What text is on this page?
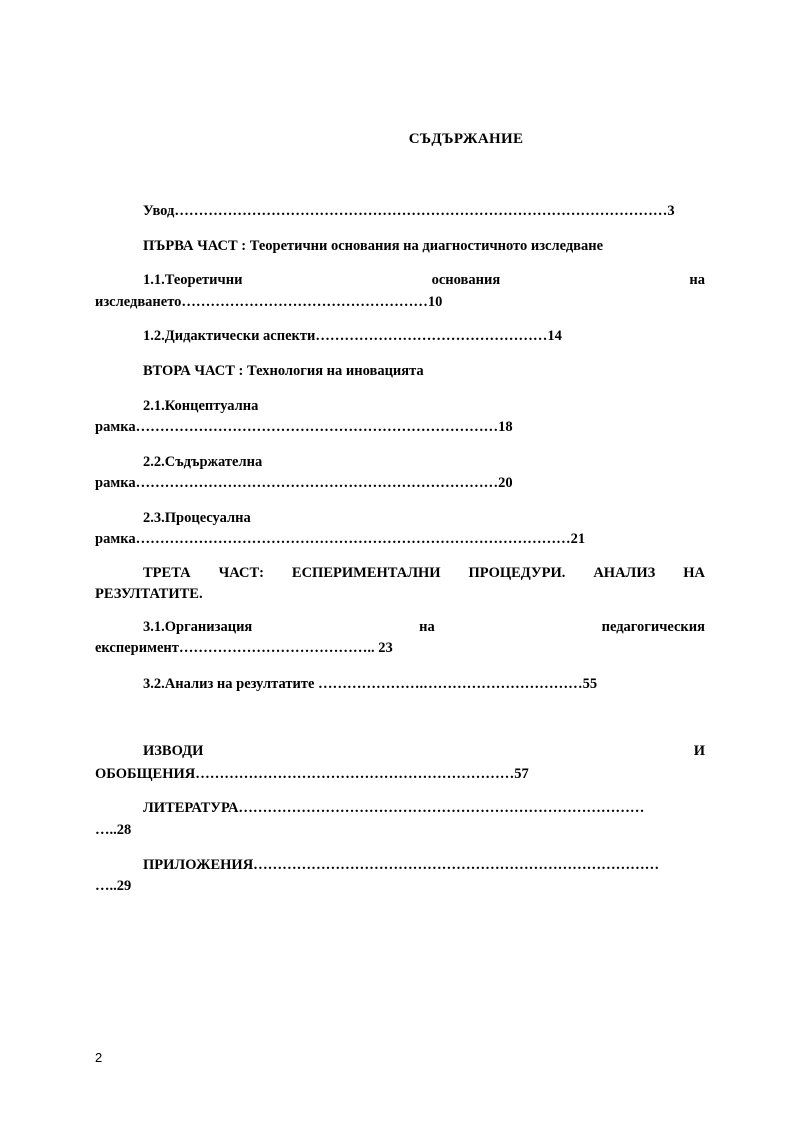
СЪДЪРЖАНИЕ
Увод…………………………………………………………………………………………3
ПЪРВА ЧАСТ : Теоретични основания на диагностичното изследване
1.1.Теоретични	основания	на
изследването……………………………………………10
1.2.Дидактически аспекти…………………………………………14
ВТОРА ЧАСТ : Технология на иновацията
2.1.Концептуална
рамка…………………………………………………………………18
2.2.Съдържателна
рамка…………………………………………………………………20
2.3.Процесуална
рамка………………………………………………………………………………21
ТРЕТА ЧАСТ: ЕСПЕРИМЕНТАЛНИ ПРОЦЕДУРИ. АНАЛИЗ НА
РЕЗУЛТАТИТЕ.
3.1.Организация	на	педагогическия
експеримент………………………………….. 23
3.2.Анализ на резултатите ………………….……………………………55
ИЗВОДИ	И
ОБОБЩЕНИЯ…………………………………………………………57
ЛИТЕРАТУРА…………………………………………………………………………
…..28
ПРИЛОЖЕНИЯ…………………………………………………………………………
…..29
2
